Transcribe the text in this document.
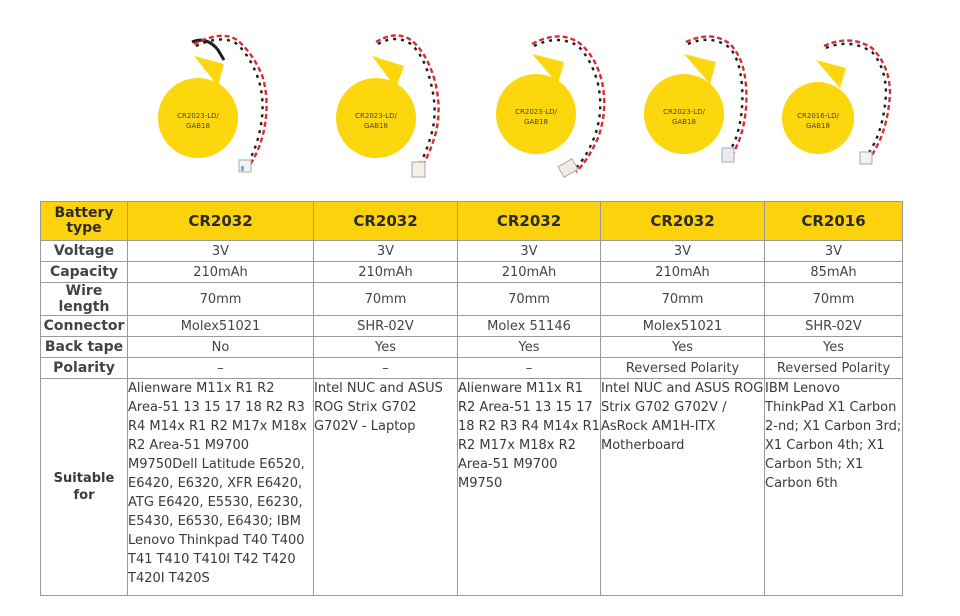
CR2023-LD/
GAB18
CR2023-LD/
GAB18
CR2023-LD/
GAB18
CR2023-LD/
GAB18
CR2016-LD/
GAB18
Battery type	CR2032	CR2032	CR2032	CR2032	CR2016
Voltage	3V	3V	3V	3V	3V
Capacity	210mAh	210mAh	210mAh	210mAh	85mAh
Wire length	70mm	70mm	70mm	70mm	70mm
Connector	Molex51021	SHR-02V	Molex 51146	Molex51021	SHR-02V
Back tape	No	Yes	Yes	Yes	Yes
Polarity	–	–	–	Reversed Polarity	Reversed Polarity
Suitable for	Alienware M11x R1 R2 Area-51 13 15 17 18 R2 R3 R4 M14x R1 R2 M17x M18x R2 Area-51 M9700 M9750Dell Latitude E6520, E6420, E6320, XFR E6420, ATG E6420, E5530, E6230, E5430, E6530, E6430; IBM Lenovo Thinkpad T40 T400 T41 T410 T410I T42 T420 T420I T420S	Intel NUC and ASUS ROG Strix G702 G702V - Laptop	Alienware M11x R1 R2 Area-51 13 15 17 18 R2 R3 R4 M14x R1 R2 M17x M18x R2 Area-51 M9700 M9750	Intel NUC and ASUS ROG Strix G702 G702V / AsRock AM1H-ITX Motherboard	IBM Lenovo ThinkPad X1 Carbon 2-nd; X1 Carbon 3rd; X1 Carbon 4th; X1 Carbon 5th; X1 Carbon 6th
